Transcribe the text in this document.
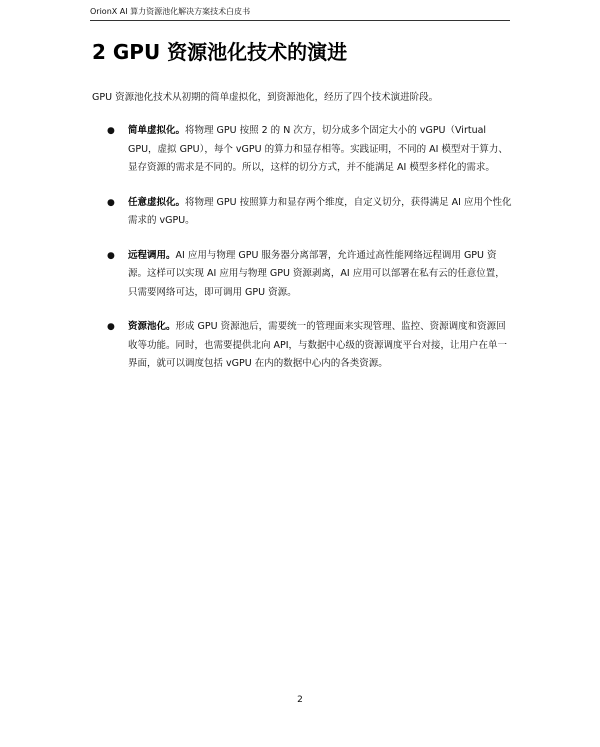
OrionX AI 算力资源池化解决方案技术白皮书
2 GPU 资源池化技术的演进

GPU 资源池化技术从初期的简单虚拟化，到资源池化，经历了四个技术演进阶段。

● 简单虚拟化。将物理 GPU 按照 2 的 N 次方，切分成多个固定大小的 vGPU（Virtual GPU，虚拟 GPU），每个 vGPU 的算力和显存相等。实践证明，不同的 AI 模型对于算力、显存资源的需求是不同的。所以，这样的切分方式，并不能满足 AI 模型多样化的需求。
● 任意虚拟化。将物理 GPU 按照算力和显存两个维度，自定义切分，获得满足 AI 应用个性化需求的 vGPU。
● 远程调用。AI 应用与物理 GPU 服务器分离部署，允许通过高性能网络远程调用 GPU 资源。这样可以实现 AI 应用与物理 GPU 资源剥离，AI 应用可以部署在私有云的任意位置，只需要网络可达，即可调用 GPU 资源。
● 资源池化。形成 GPU 资源池后，需要统一的管理面来实现管理、监控、资源调度和资源回收等功能。同时，也需要提供北向 API，与数据中心级的资源调度平台对接，让用户在单一界面，就可以调度包括 vGPU 在内的数据中心内的各类资源。
2
